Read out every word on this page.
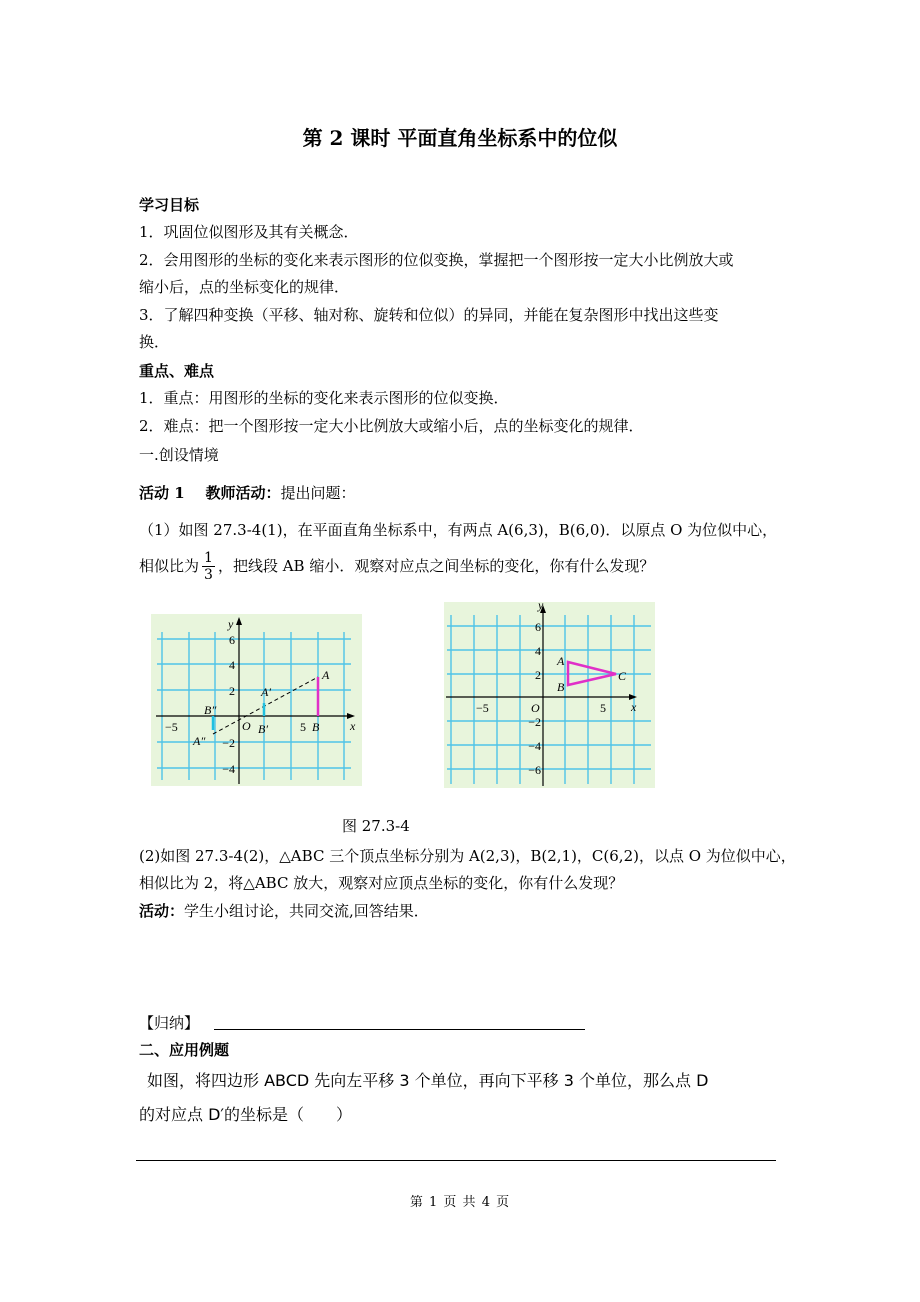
第 2 课时 平面直角坐标系中的位似
学习目标
1．巩固位似图形及其有关概念．
2．会用图形的坐标的变化来表示图形的位似变换，掌握把一个图形按一定大小比例放大或
缩小后，点的坐标变化的规律．
3．了解四种变换（平移、轴对称、旋转和位似）的异同，并能在复杂图形中找出这些变
换．
重点、难点
1．重点：用图形的坐标的变化来表示图形的位似变换．
2．难点：把一个图形按一定大小比例放大或缩小后，点的坐标变化的规律．
一.创设情境
活动 1 教师活动：提出问题：
（1）如图 27.3-4(1)，在平面直角坐标系中，有两点 A(6,3)，B(6,0)．以原点 O 为位似中心，
相似比为 $\frac{1}{3}$ ，把线段 AB 缩小．观察对应点之间坐标的变化，你有什么发现？
y
x
O
A
B
A′
B′
A″
B″
6
4
2
−2
−4
−5	5
y
x
O
A
B
C
6
4
2
−2
−4
−6
−5	5
图 27.3-4
(2)如图 27.3-4(2)，△ABC 三个顶点坐标分别为 A(2,3)，B(2,1)，C(6,2)，以点 O 为位似中心，
相似比为 2，将△ABC 放大，观察对应顶点坐标的变化，你有什么发现？
活动：学生小组讨论，共同交流,回答结果．
【归纳】
二、应用例题
如图，将四边形 ABCD 先向左平移 3 个单位，再向下平移 3 个单位，那么点 D
的对应点 D′的坐标是（　　）
第 1 页 共 4 页
